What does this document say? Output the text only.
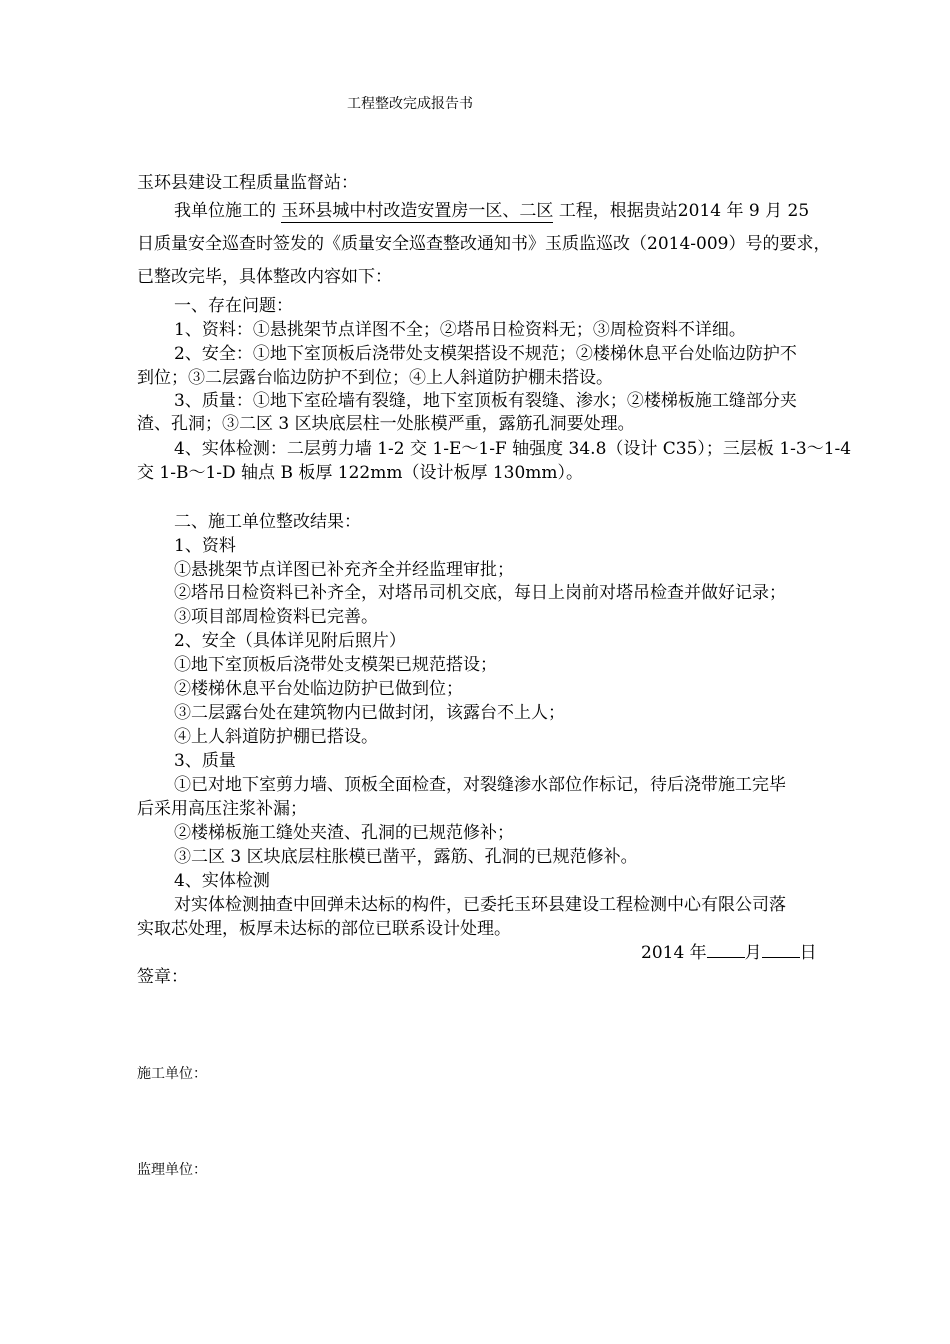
工程整改完成报告书
玉环县建设工程质量监督站：
我单位施工的 玉环县城中村改造安置房一区、二区 工程，根据贵站2014 年 9 月 25
日质量安全巡查时签发的《质量安全巡查整改通知书》玉质监巡改（2014-009）号的要求，
已整改完毕，具体整改内容如下：
一、存在问题：
1、资料：①悬挑架节点详图不全；②塔吊日检资料无；③周检资料不详细。
2、安全：①地下室顶板后浇带处支模架搭设不规范；②楼梯休息平台处临边防护不
到位；③二层露台临边防护不到位；④上人斜道防护棚未搭设。
3、质量：①地下室砼墙有裂缝，地下室顶板有裂缝、渗水；②楼梯板施工缝部分夹
渣、孔洞；③二区 3 区块底层柱一处胀模严重，露筋孔洞要处理。
4、实体检测：二层剪力墙 1-2 交 1-E～1-F 轴强度 34.8（设计 C35）；三层板 1-3～1-4
交 1-B～1-D 轴点 B 板厚 122mm（设计板厚 130mm）。
二、施工单位整改结果：
1、资料
①悬挑架节点详图已补充齐全并经监理审批；
②塔吊日检资料已补齐全，对塔吊司机交底，每日上岗前对塔吊检查并做好记录；
③项目部周检资料已完善。
2、安全（具体详见附后照片）
①地下室顶板后浇带处支模架已规范搭设；
②楼梯休息平台处临边防护已做到位；
③二层露台处在建筑物内已做封闭，该露台不上人；
④上人斜道防护棚已搭设。
3、质量
①已对地下室剪力墙、顶板全面检查，对裂缝渗水部位作标记，待后浇带施工完毕
后采用高压注浆补漏；
②楼梯板施工缝处夹渣、孔洞的已规范修补；
③二区 3 区块底层柱胀模已凿平，露筋、孔洞的已规范修补。
4、实体检测
对实体检测抽查中回弹未达标的构件，已委托玉环县建设工程检测中心有限公司落
实取芯处理，板厚未达标的部位已联系设计处理。
2014 年 月 日
签章：
施工单位：
监理单位：
